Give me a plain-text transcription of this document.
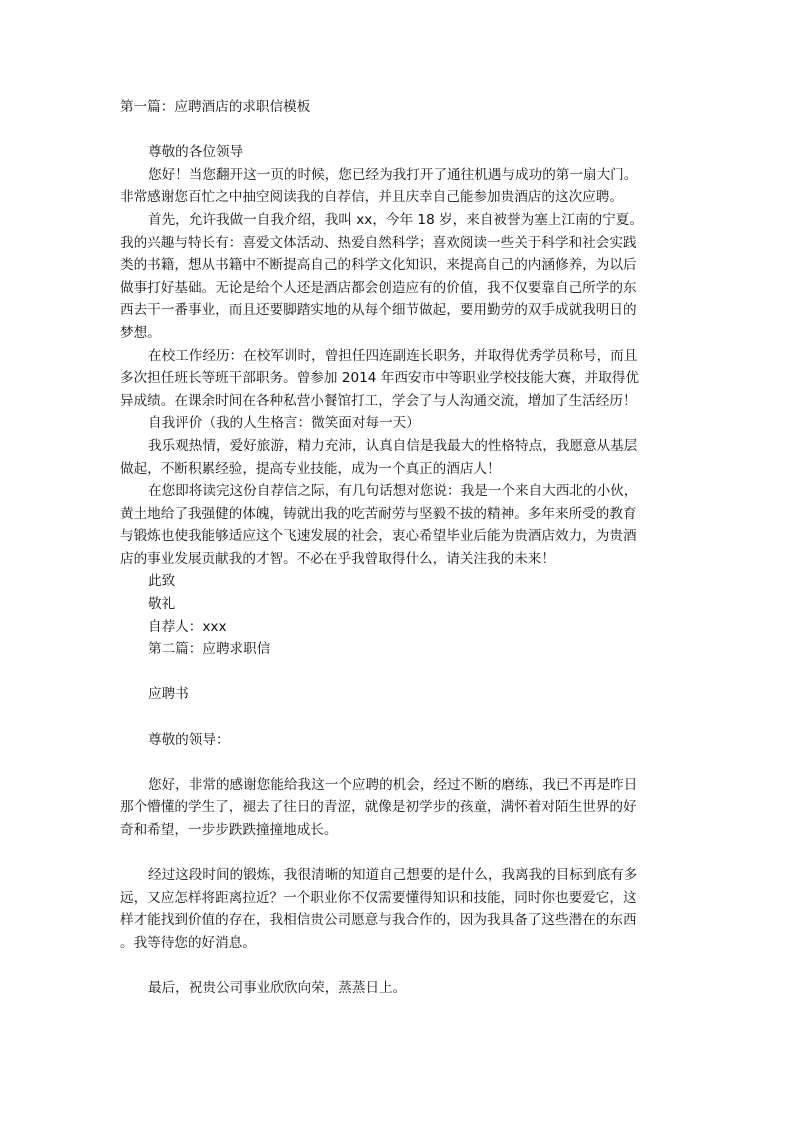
第一篇：应聘酒店的求职信模板

尊敬的各位领导

您好！当您翻开这一页的时候，您已经为我打开了通往机遇与成功的第一扇大门。

非常感谢您百忙之中抽空阅读我的自荐信，并且庆幸自己能参加贵酒店的这次应聘。

首先，允许我做一自我介绍，我叫 xx，今年 18 岁，来自被誉为塞上江南的宁夏。

我的兴趣与特长有：喜爱文体活动、热爱自然科学；喜欢阅读一些关于科学和社会实践

类的书籍，想从书籍中不断提高自己的科学文化知识，来提高自己的内涵修养，为以后

做事打好基础。无论是给个人还是酒店都会创造应有的价值，我不仅要靠自己所学的东

西去干一番事业，而且还要脚踏实地的从每个细节做起，要用勤劳的双手成就我明日的

梦想。

在校工作经历：在校军训时，曾担任四连副连长职务，并取得优秀学员称号，而且

多次担任班长等班干部职务。曾参加 2014 年西安市中等职业学校技能大赛，并取得优

异成绩。在课余时间在各种私营小餐馆打工，学会了与人沟通交流，增加了生活经历！

自我评价（我的人生格言：微笑面对每一天）

我乐观热情，爱好旅游，精力充沛，认真自信是我最大的性格特点，我愿意从基层

做起，不断积累经验，提高专业技能，成为一个真正的酒店人！

在您即将读完这份自荐信之际，有几句话想对您说：我是一个来自大西北的小伙，

黄土地给了我强健的体魄，铸就出我的吃苦耐劳与坚毅不拔的精神。多年来所受的教育

与锻炼也使我能够适应这个飞速发展的社会，衷心希望毕业后能为贵酒店效力，为贵酒

店的事业发展贡献我的才智。不必在乎我曾取得什么，请关注我的未来！

此致

敬礼

自荐人：xxx

第二篇：应聘求职信

应聘书

尊敬的领导：

您好，非常的感谢您能给我这一个应聘的机会，经过不断的磨练，我已不再是昨日

那个懵懂的学生了，褪去了往日的青涩，就像是初学步的孩童，满怀着对陌生世界的好

奇和希望，一步步跌跌撞撞地成长。

经过这段时间的锻炼，我很清晰的知道自己想要的是什么，我离我的目标到底有多

远，又应怎样将距离拉近？一个职业你不仅需要懂得知识和技能，同时你也要爱它，这

样才能找到价值的存在，我相信贵公司愿意与我合作的，因为我具备了这些潜在的东西

。我等待您的好消息。

最后，祝贵公司事业欣欣向荣，蒸蒸日上。
